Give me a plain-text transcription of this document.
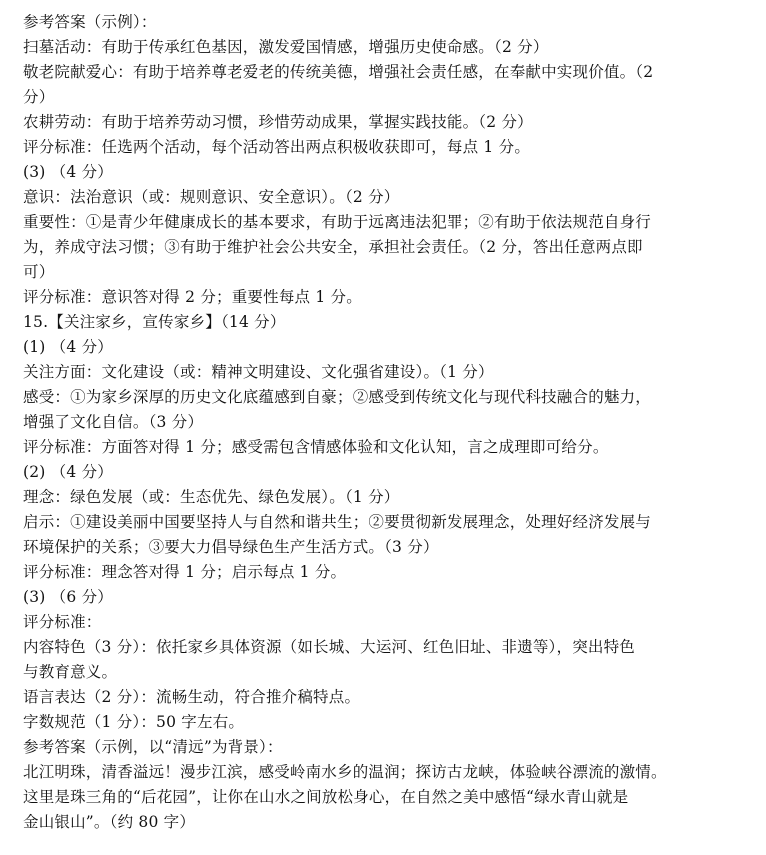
参考答案（示例）：
扫墓活动：有助于传承红色基因，激发爱国情感，增强历史使命感。（2 分）
敬老院献爱心：有助于培养尊老爱老的传统美德，增强社会责任感，在奉献中实现价值。（2
分）
农耕劳动：有助于培养劳动习惯，珍惜劳动成果，掌握实践技能。（2 分）
评分标准：任选两个活动，每个活动答出两点积极收获即可，每点 1 分。
(3) （4 分）
意识：法治意识（或：规则意识、安全意识）。（2 分）
重要性：①是青少年健康成长的基本要求，有助于远离违法犯罪；②有助于依法规范自身行
为，养成守法习惯；③有助于维护社会公共安全，承担社会责任。（2 分，答出任意两点即
可）
评分标准：意识答对得 2 分；重要性每点 1 分。
15.【关注家乡，宣传家乡】（14 分）
(1) （4 分）
关注方面：文化建设（或：精神文明建设、文化强省建设）。（1 分）
感受：①为家乡深厚的历史文化底蕴感到自豪；②感受到传统文化与现代科技融合的魅力，
增强了文化自信。（3 分）
评分标准：方面答对得 1 分；感受需包含情感体验和文化认知，言之成理即可给分。
(2) （4 分）
理念：绿色发展（或：生态优先、绿色发展）。（1 分）
启示：①建设美丽中国要坚持人与自然和谐共生；②要贯彻新发展理念，处理好经济发展与
环境保护的关系；③要大力倡导绿色生产生活方式。（3 分）
评分标准：理念答对得 1 分；启示每点 1 分。
(3) （6 分）
评分标准：
内容特色（3 分）：依托家乡具体资源（如长城、大运河、红色旧址、非遗等），突出特色
与教育意义。
语言表达（2 分）：流畅生动，符合推介稿特点。
字数规范（1 分）：50 字左右。
参考答案（示例，以“清远”为背景）：
北江明珠，清香溢远！漫步江滨，感受岭南水乡的温润；探访古龙峡，体验峡谷漂流的激情。
这里是珠三角的“后花园”，让你在山水之间放松身心，在自然之美中感悟“绿水青山就是
金山银山”。（约 80 字）
